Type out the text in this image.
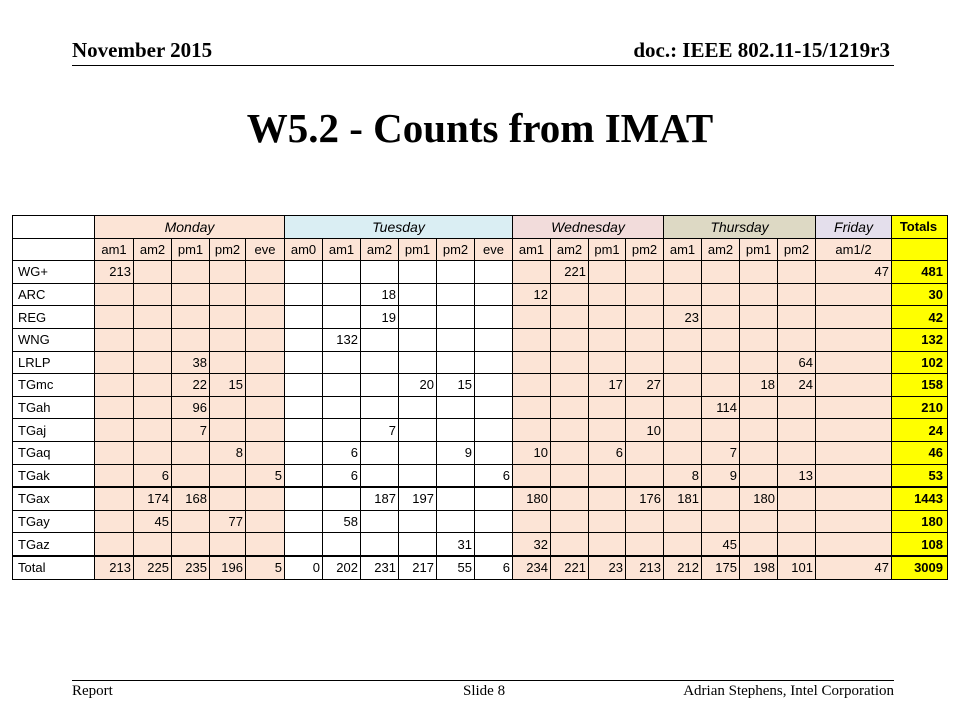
November 2015	doc.: IEEE 802.11-15/1219r3
W5.2 - Counts from IMAT
	Monday					Tuesday						Wednesday				Thursday				Friday	Totals
	am1	am2	pm1	pm2	eve	am0	am1	am2	pm1	pm2	eve	am1	am2	pm1	pm2	am1	am2	pm1	pm2	am1/2	
WG+	213												221							47	481
ARC								18				12									30
REG								19								23					42
WNG							132														132
LRLP			38																64		102
TGmc			22	15					20	15				17	27			18	24		158
TGah			96														114				210
TGaj			7					7							10						24
TGaq				8			6			9		10		6			7				46
TGak		6			5		6				6					8	9		13		53
TGax		174	168					187	197			180			176	181		180			1443
TGay		45		77			58														180
TGaz										31		32					45				108
Total	213	225	235	196	5	0	202	231	217	55	6	234	221	23	213	212	175	198	101	47	3009
Report	Slide 8	Adrian Stephens, Intel Corporation
